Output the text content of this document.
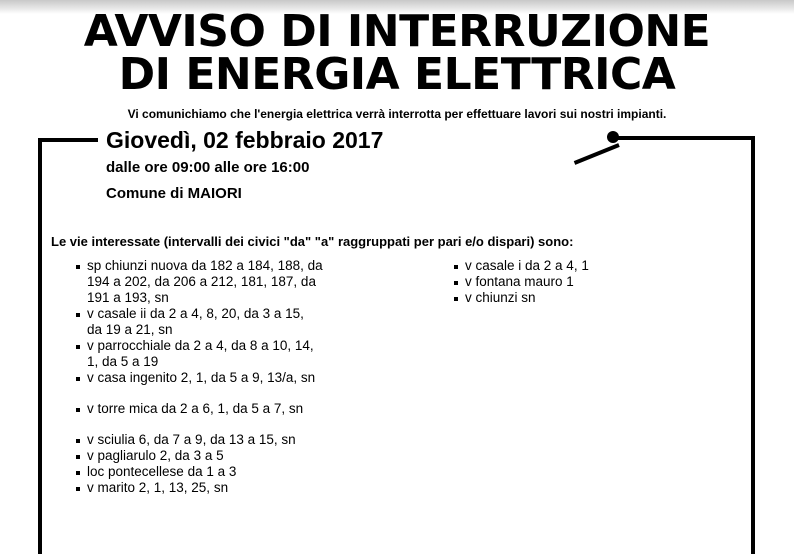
AVVISO DI INTERRUZIONE
DI ENERGIA ELETTRICA
Vi comunichiamo che l'energia elettrica verrà interrotta per effettuare lavori sui nostri impianti.
Giovedì, 02 febbraio 2017
dalle ore 09:00 alle ore 16:00
Comune di MAIORI
Le vie interessate (intervalli dei civici "da" "a" raggruppati per pari e/o dispari) sono:
sp chiunzi nuova da 182 a 184, 188, da
194 a 202, da 206 a 212, 181, 187, da
191 a 193, sn
v casale ii da 2 a 4, 8, 20, da 3 a 15,
da 19 a 21, sn
v parrocchiale da 2 a 4, da 8 a 10, 14,
1, da 5 a 19
v casa ingenito 2, 1, da 5 a 9, 13/a, sn
v torre mica da 2 a 6, 1, da 5 a 7, sn
v sciulia 6, da 7 a 9, da 13 a 15, sn
v pagliarulo 2, da 3 a 5
loc pontecellese da 1 a 3
v marito 2, 1, 13, 25, sn
v casale i da 2 a 4, 1
v fontana mauro 1
v chiunzi sn
